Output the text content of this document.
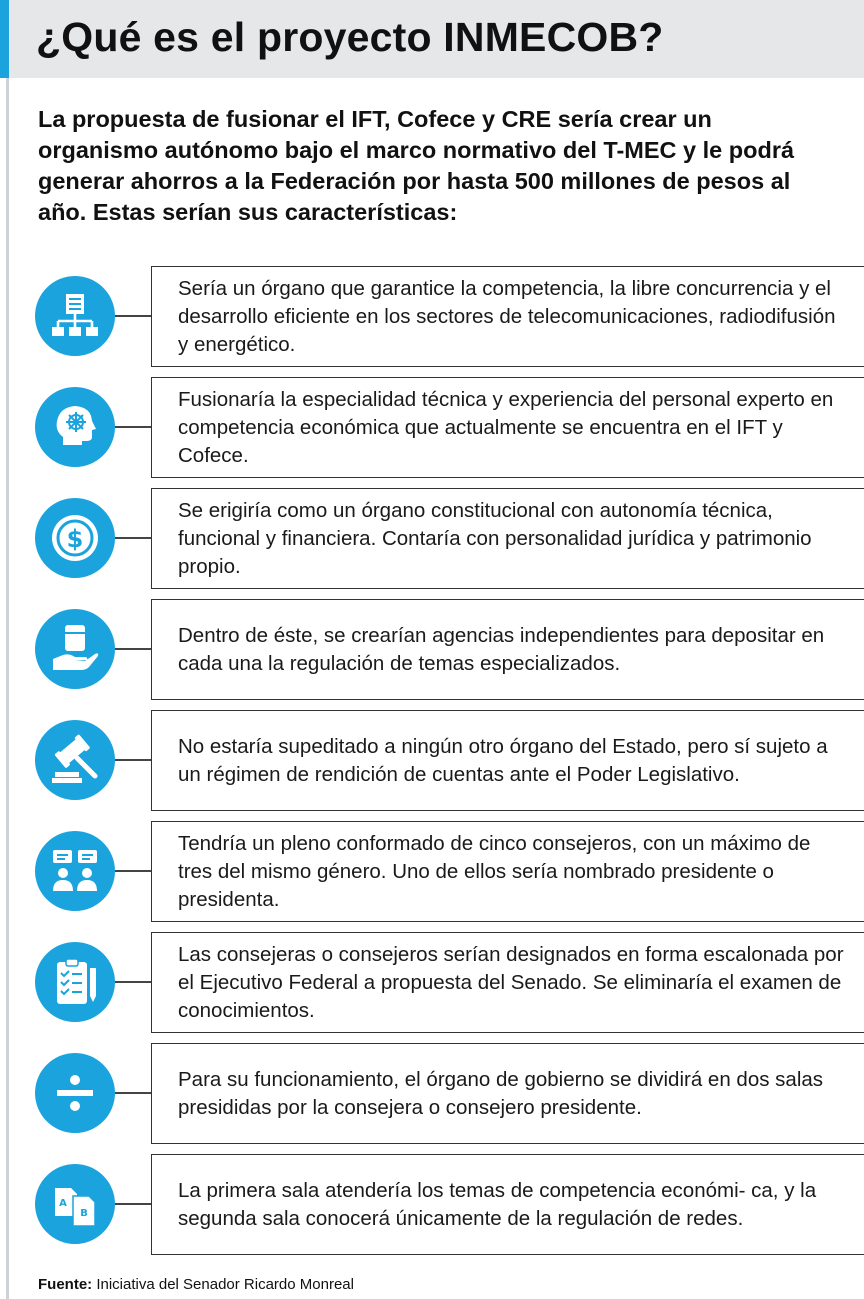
¿Qué es el proyecto INMECOB?
La propuesta de fusionar el IFT, Cofece y CRE sería crear un organismo autónomo bajo el marco normativo del T-MEC y le podrá generar ahorros a la Federación por hasta 500 millones de pesos al año. Estas serían sus características:
Sería un órgano que garantice la competencia, la libre concurrencia y el desarrollo eficiente en los sectores de telecomunicaciones, radiodifusión y energético.
Fusionaría la especialidad técnica y experiencia del personal experto en competencia económica que actualmente se encuentra en el IFT y Cofece.
$
Se erigiría como un órgano constitucional con autonomía técnica, funcional y financiera. Contaría con personalidad jurídica y patrimonio propio.
Dentro de éste, se crearían agencias independientes para depositar en cada una la regulación de temas especializados.
No estaría supeditado a ningún otro órgano del Estado, pero sí sujeto a un régimen de rendición de cuentas ante el Poder Legislativo.
Tendría un pleno conformado de cinco consejeros, con un máximo de tres del mismo género. Uno de ellos sería nombrado presidente o presidenta.
Las consejeras o consejeros serían designados en forma escalonada por el Ejecutivo Federal a propuesta del Senado. Se eliminaría el examen de conocimientos.
Para su funcionamiento, el órgano de gobierno se dividirá en dos salas presididas por la consejera o consejero presidente.
A
B
La primera sala atendería los temas de competencia económi- ca, y la segunda sala conocerá únicamente de la regulación de redes.
Fuente: Iniciativa del Senador Ricardo Monreal
